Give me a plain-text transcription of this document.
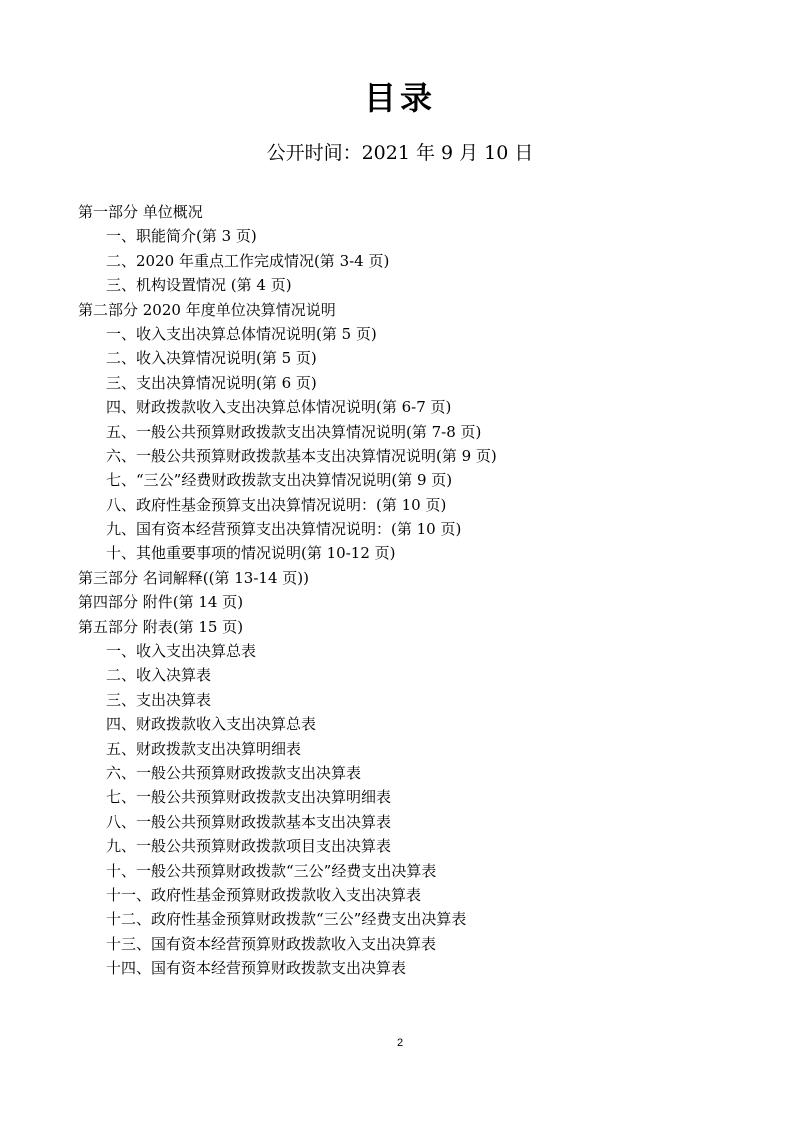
目录
公开时间：2021 年 9 月 10 日
第一部分 单位概况
一、职能简介(第 3 页)
二、2020 年重点工作完成情况(第 3-4 页)
三、机构设置情况 (第 4 页)
第二部分 2020 年度单位决算情况说明
一、收入支出决算总体情况说明(第 5 页)
二、收入决算情况说明(第 5 页)
三、支出决算情况说明(第 6 页)
四、财政拨款收入支出决算总体情况说明(第 6-7 页)
五、一般公共预算财政拨款支出决算情况说明(第 7-8 页)
六、一般公共预算财政拨款基本支出决算情况说明(第 9 页)
七、“三公”经费财政拨款支出决算情况说明(第 9 页)
八、政府性基金预算支出决算情况说明：(第 10 页)
九、国有资本经营预算支出决算情况说明：(第 10 页)
十、其他重要事项的情况说明(第 10-12 页)
第三部分 名词解释((第 13-14 页))
第四部分 附件(第 14 页)
第五部分 附表(第 15 页)
一、收入支出决算总表
二、收入决算表
三、支出决算表
四、财政拨款收入支出决算总表
五、财政拨款支出决算明细表
六、一般公共预算财政拨款支出决算表
七、一般公共预算财政拨款支出决算明细表
八、一般公共预算财政拨款基本支出决算表
九、一般公共预算财政拨款项目支出决算表
十、一般公共预算财政拨款“三公”经费支出决算表
十一、政府性基金预算财政拨款收入支出决算表
十二、政府性基金预算财政拨款“三公”经费支出决算表
十三、国有资本经营预算财政拨款收入支出决算表
十四、国有资本经营预算财政拨款支出决算表
2
